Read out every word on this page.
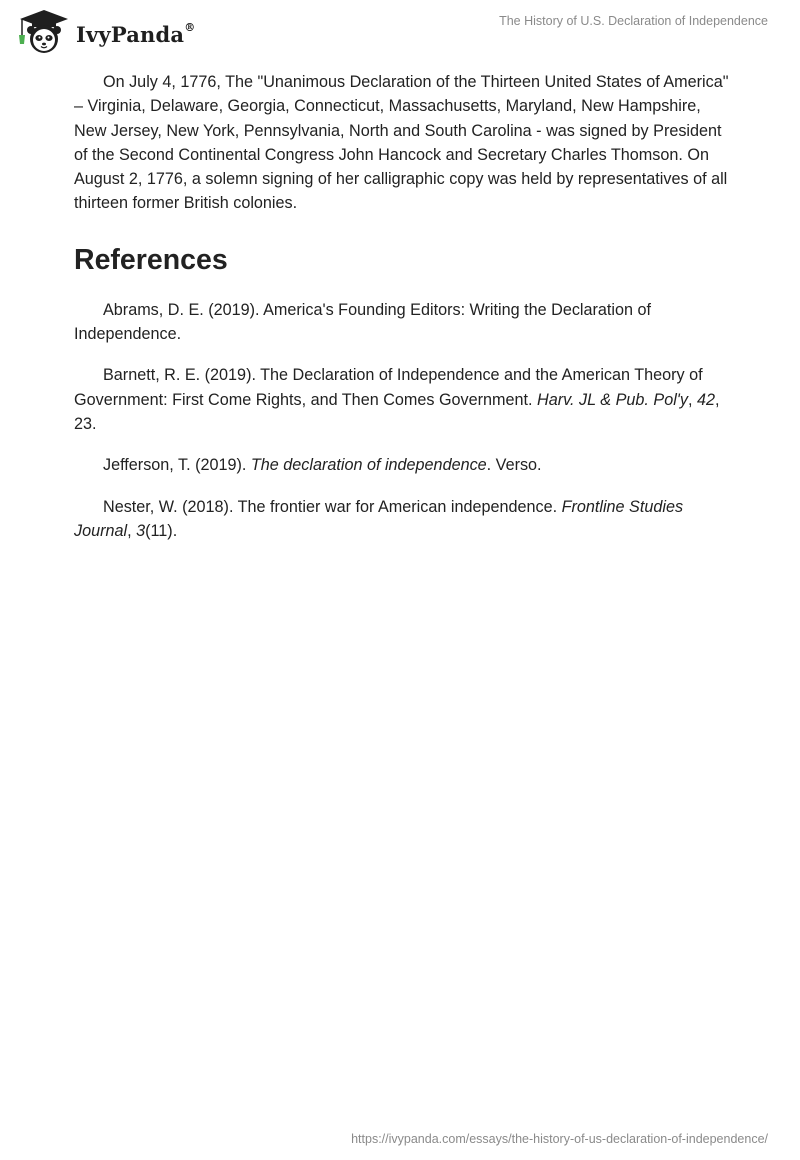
IvyPanda®	The History of U.S. Declaration of Independence

On July 4, 1776, The "Unanimous Declaration of the Thirteen United States of America" – Virginia, Delaware, Georgia, Connecticut, Massachusetts, Maryland, New Hampshire, New Jersey, New York, Pennsylvania, North and South Carolina - was signed by President of the Second Continental Congress John Hancock and Secretary Charles Thomson. On August 2, 1776, a solemn signing of her calligraphic copy was held by representatives of all thirteen former British colonies.

References

Abrams, D. E. (2019). America's Founding Editors: Writing the Declaration of Independence.

Barnett, R. E. (2019). The Declaration of Independence and the American Theory of Government: First Come Rights, and Then Comes Government. Harv. JL & Pub. Pol'y, 42, 23.

Jefferson, T. (2019). The declaration of independence. Verso.

Nester, W. (2018). The frontier war for American independence. Frontline Studies Journal, 3(11).

https://ivypanda.com/essays/the-history-of-us-declaration-of-independence/
